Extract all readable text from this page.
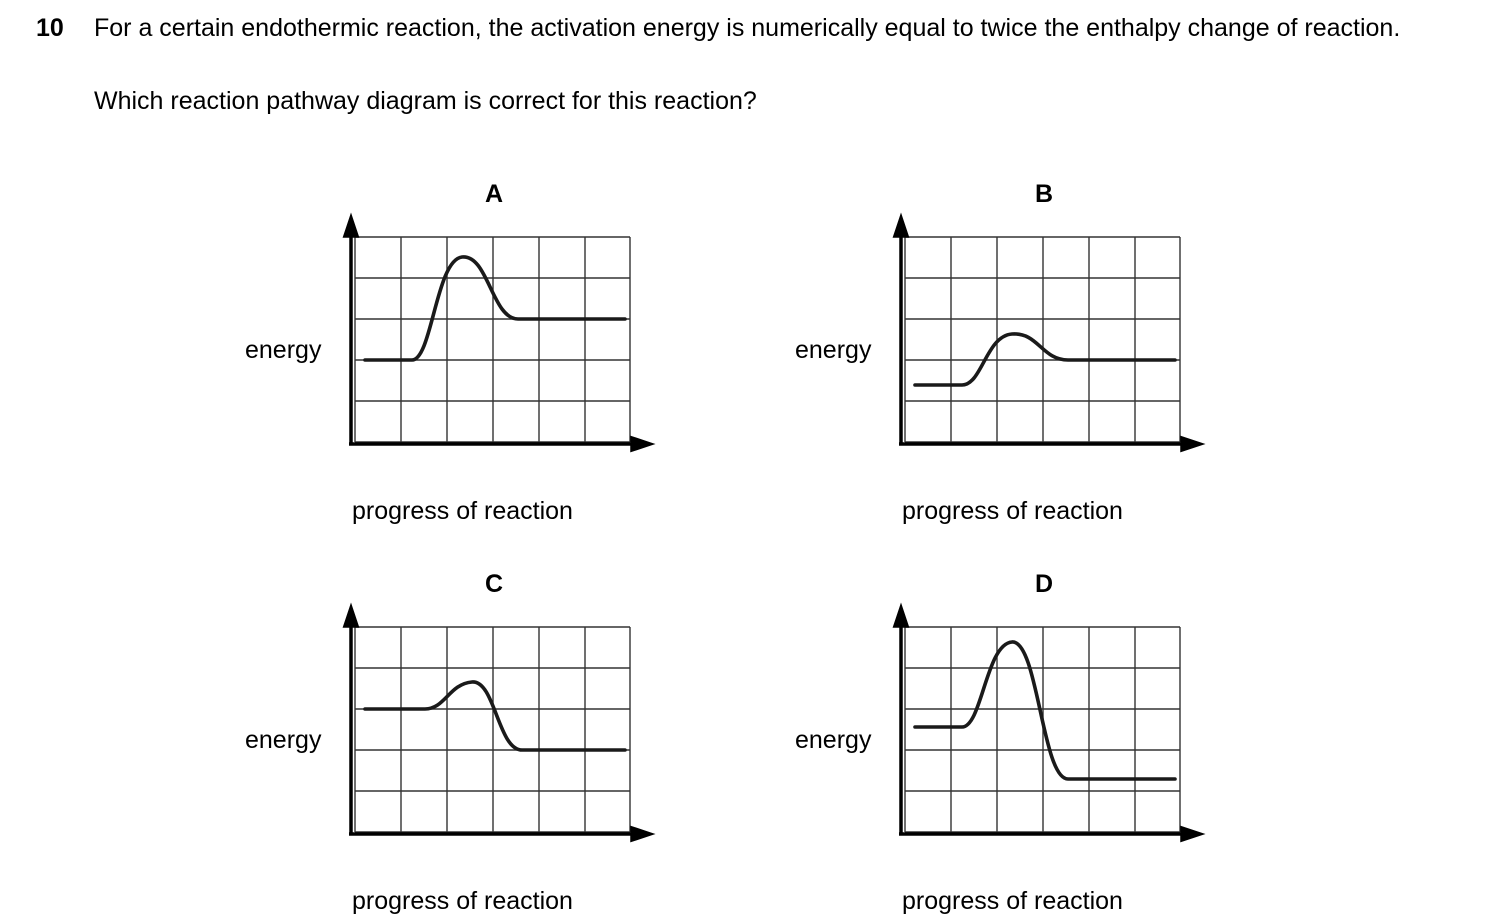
10	For a certain endothermic reaction, the activation energy is numerically equal to twice the enthalpy change of reaction.
Which reaction pathway diagram is correct for this reaction?
A
energy
progress of reaction
B
energy
progress of reaction
C
energy
progress of reaction
D
energy
progress of reaction
